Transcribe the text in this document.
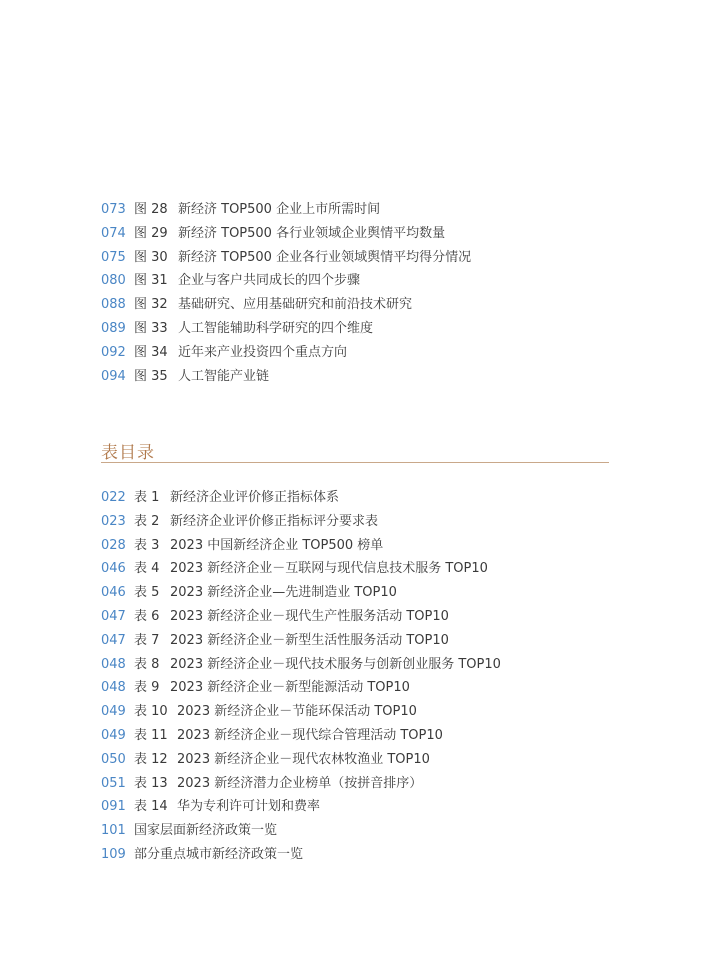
073 图 28 新经济 TOP500 企业上市所需时间
074 图 29 新经济 TOP500 各行业领域企业舆情平均数量
075 图 30 新经济 TOP500 企业各行业领域舆情平均得分情况
080 图 31 企业与客户共同成长的四个步骤
088 图 32 基础研究、应用基础研究和前沿技术研究
089 图 33 人工智能辅助科学研究的四个维度
092 图 34 近年来产业投资四个重点方向
094 图 35 人工智能产业链
表目录
022 表 1 新经济企业评价修正指标体系
023 表 2 新经济企业评价修正指标评分要求表
028 表 3 2023 中国新经济企业 TOP500 榜单
046 表 4 2023 新经济企业－互联网与现代信息技术服务 TOP10
046 表 5 2023 新经济企业—先进制造业 TOP10
047 表 6 2023 新经济企业－现代生产性服务活动 TOP10
047 表 7 2023 新经济企业－新型生活性服务活动 TOP10
048 表 8 2023 新经济企业－现代技术服务与创新创业服务 TOP10
048 表 9 2023 新经济企业－新型能源活动 TOP10
049 表 10 2023 新经济企业－节能环保活动 TOP10
049 表 11 2023 新经济企业－现代综合管理活动 TOP10
050 表 12 2023 新经济企业－现代农林牧渔业 TOP10
051 表 13 2023 新经济潜力企业榜单（按拼音排序）
091 表 14 华为专利许可计划和费率
101 国家层面新经济政策一览
109 部分重点城市新经济政策一览
